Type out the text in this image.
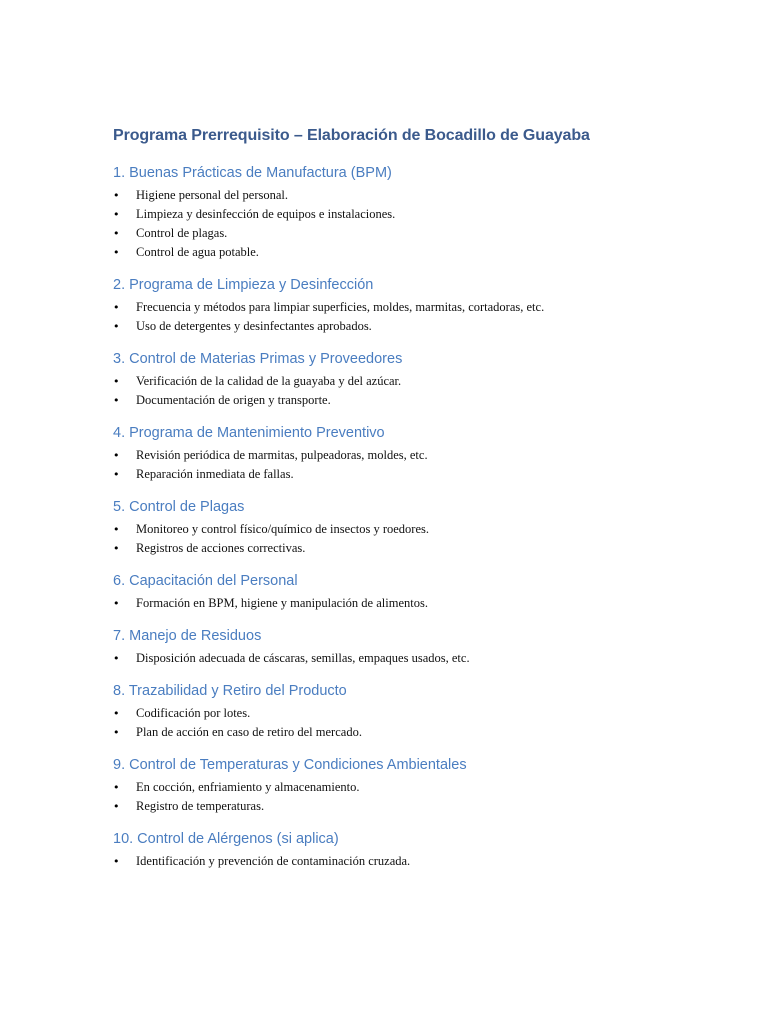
Programa Prerrequisito – Elaboración de Bocadillo de Guayaba
1. Buenas Prácticas de Manufactura (BPM)
• Higiene personal del personal.
• Limpieza y desinfección de equipos e instalaciones.
• Control de plagas.
• Control de agua potable.
2. Programa de Limpieza y Desinfección
• Frecuencia y métodos para limpiar superficies, moldes, marmitas, cortadoras, etc.
• Uso de detergentes y desinfectantes aprobados.
3. Control de Materias Primas y Proveedores
• Verificación de la calidad de la guayaba y del azúcar.
• Documentación de origen y transporte.
4. Programa de Mantenimiento Preventivo
• Revisión periódica de marmitas, pulpeadoras, moldes, etc.
• Reparación inmediata de fallas.
5. Control de Plagas
• Monitoreo y control físico/químico de insectos y roedores.
• Registros de acciones correctivas.
6. Capacitación del Personal
• Formación en BPM, higiene y manipulación de alimentos.
7. Manejo de Residuos
• Disposición adecuada de cáscaras, semillas, empaques usados, etc.
8. Trazabilidad y Retiro del Producto
• Codificación por lotes.
• Plan de acción en caso de retiro del mercado.
9. Control de Temperaturas y Condiciones Ambientales
• En cocción, enfriamiento y almacenamiento.
• Registro de temperaturas.
10. Control de Alérgenos (si aplica)
• Identificación y prevención de contaminación cruzada.
